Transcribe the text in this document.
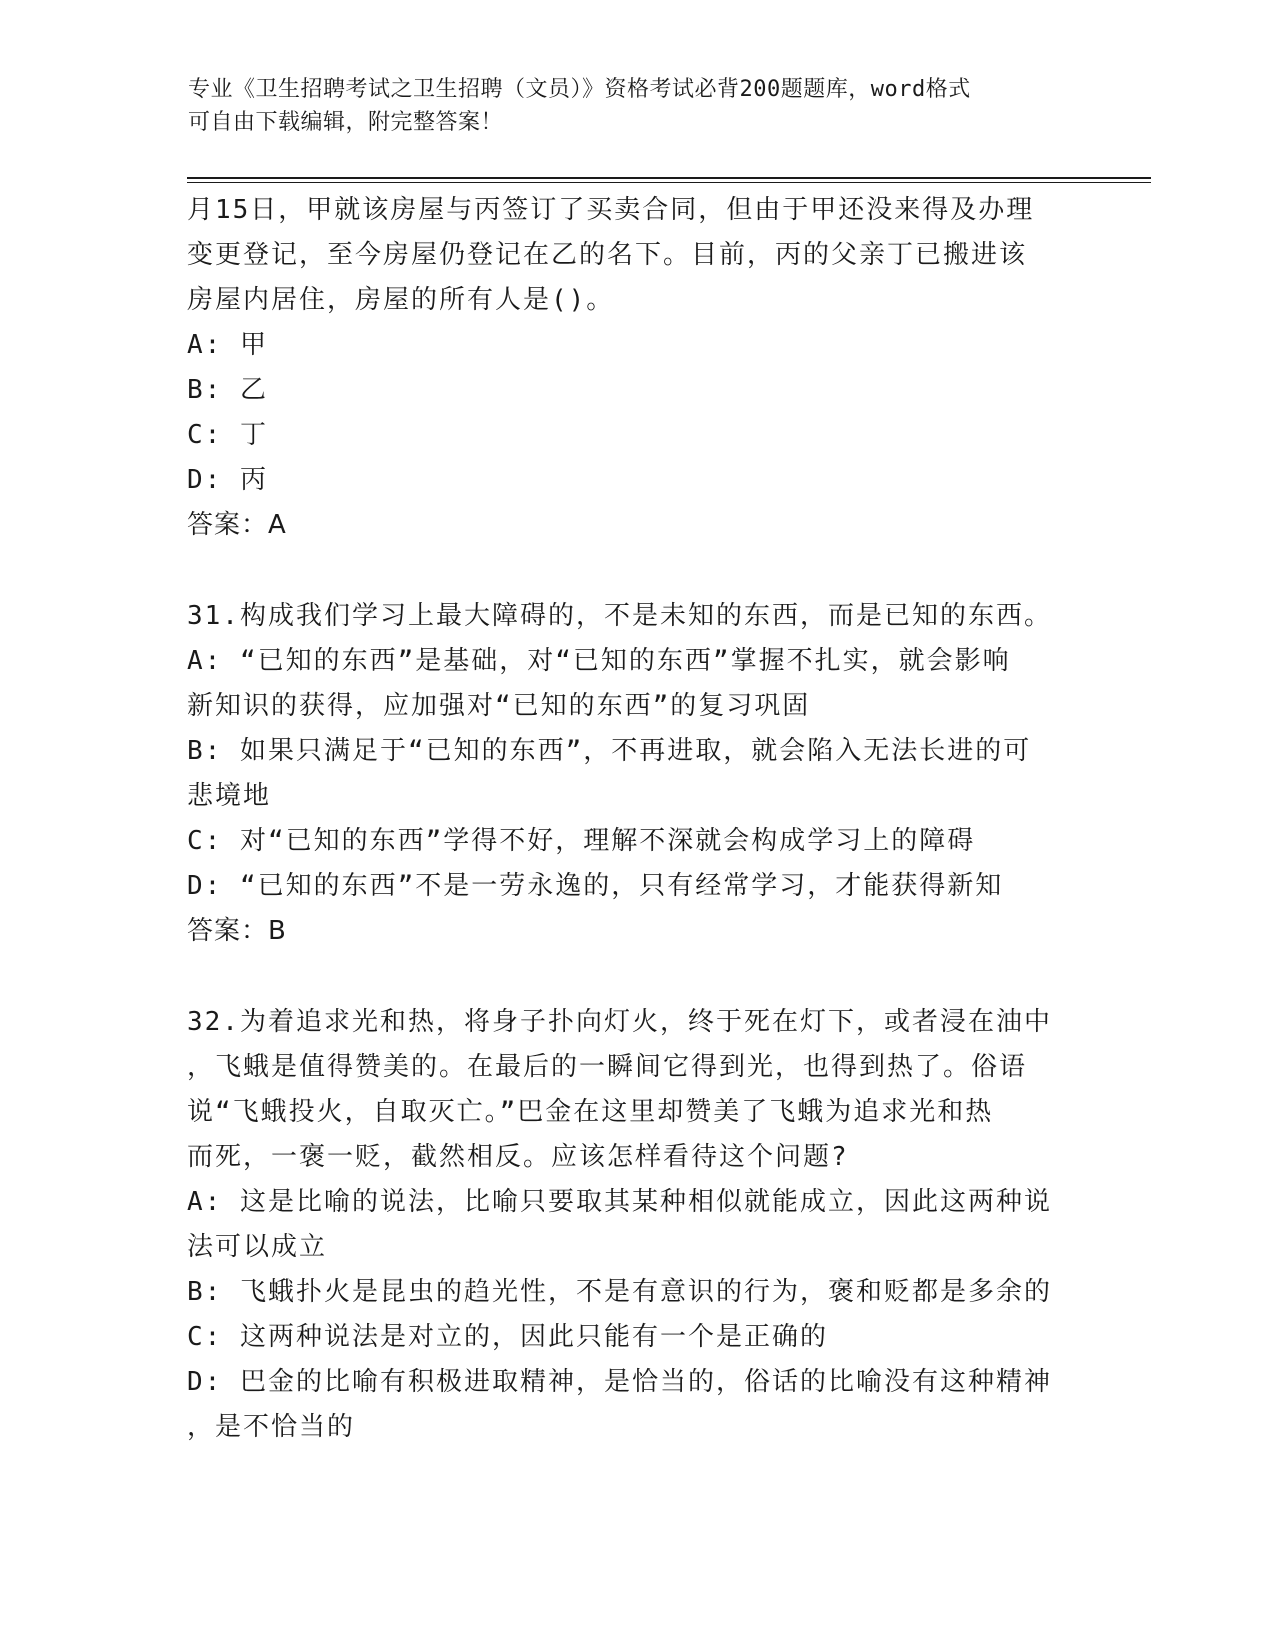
专业《卫生招聘考试之卫生招聘（文员）》资格考试必背200题题库，word格式
可自由下载编辑，附完整答案！
月15日，甲就该房屋与丙签订了买卖合同，但由于甲还没来得及办理
变更登记，至今房屋仍登记在乙的名下。目前，丙的父亲丁已搬进该
房屋内居住，房屋的所有人是()。
A: 甲
B: 乙
C: 丁
D: 丙
答案：A
31.构成我们学习上最大障碍的，不是未知的东西，而是已知的东西。
A: “已知的东西”是基础，对“已知的东西”掌握不扎实，就会影响
新知识的获得，应加强对“已知的东西”的复习巩固
B: 如果只满足于“已知的东西”，不再进取，就会陷入无法长进的可
悲境地
C: 对“已知的东西”学得不好，理解不深就会构成学习上的障碍
D: “已知的东西”不是一劳永逸的，只有经常学习，才能获得新知
答案：B
32.为着追求光和热，将身子扑向灯火，终于死在灯下，或者浸在油中
，飞蛾是值得赞美的。在最后的一瞬间它得到光，也得到热了。俗语
说“飞蛾投火，自取灭亡。”巴金在这里却赞美了飞蛾为追求光和热
而死，一褒一贬，截然相反。应该怎样看待这个问题?
A: 这是比喻的说法，比喻只要取其某种相似就能成立，因此这两种说
法可以成立
B: 飞蛾扑火是昆虫的趋光性，不是有意识的行为，褒和贬都是多余的
C: 这两种说法是对立的，因此只能有一个是正确的
D: 巴金的比喻有积极进取精神，是恰当的，俗话的比喻没有这种精神
，是不恰当的
